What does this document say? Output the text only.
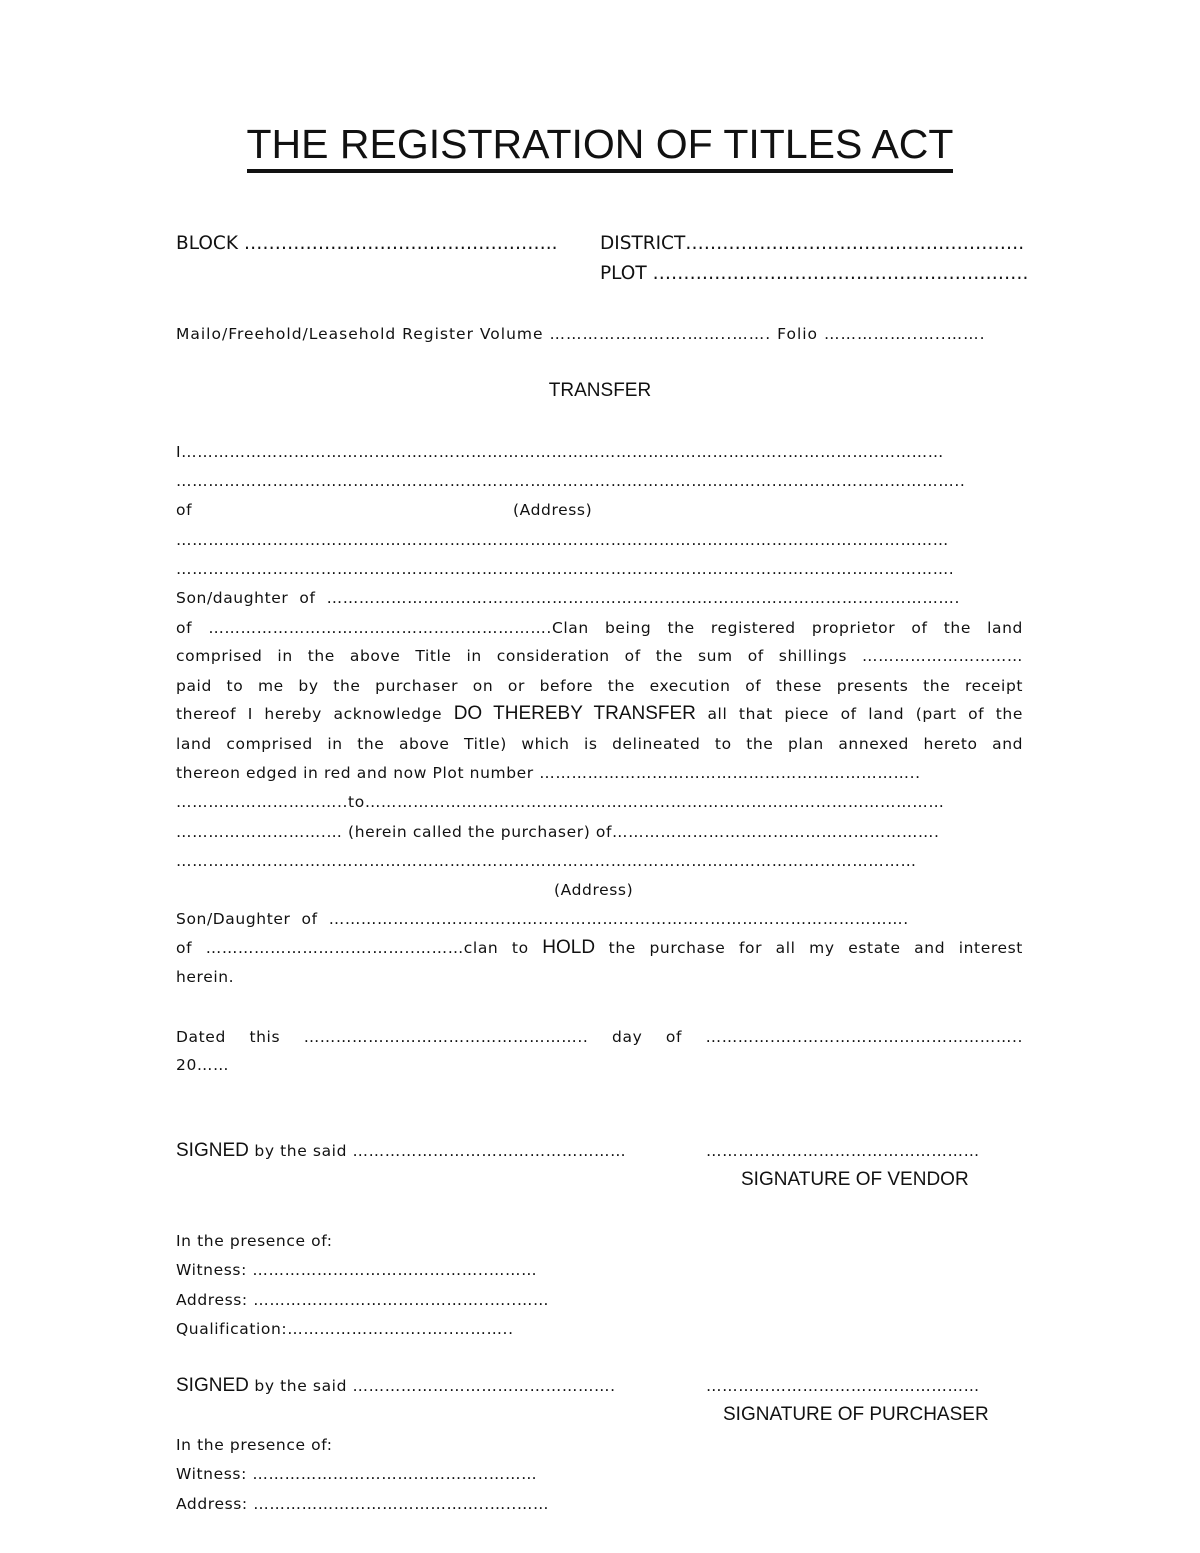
THE REGISTRATION OF TITLES ACT
BLOCK …………………………………….…….. DISTRICT……………………………………………….
PLOT …………………………………………………….
Mailo/Freehold/Leasehold Register Volume …………………….……..……. Folio ……………..…..…….
TRANSFER
I…………………………………………………………………………………………………..……………..…………
………………………………………………………………………………………………….……………………………..
of	(Address)
………………………………………………………………………………………………………………………………
……………………………………………………………………………………………………………………………….
Son/daughter  of  ……………………………………………………………………………………………………….
of ……………………………………………………….Clan being the registered proprietor of the land
comprised in the above Title in consideration of the sum of shillings …………………………
paid to me by the purchaser on or before the execution of these presents the receipt
thereof I hereby acknowledge DO THEREBY TRANSFER all that piece of land (part of the
land comprised in the above Title) which is delineated to the plan annexed hereto and
thereon edged in red and now Plot number ……………………………………………………………..
…………………………..to………………………………………………………………………………………………
……………………….… (herein called the purchaser) of…………………………………………………….
…………………………………………………………………………………………………………………………
(Address)
Son/Daughter  of  ……………………………………………………………..……………………………….
of ………………………….……..………clan to HOLD the purchase for all my estate and interest
herein.
Dated this …………………………………………….. day of ………….…..…………………………………..
20……
SIGNED by the said ……………………………………………	……………………………………………
SIGNATURE OF VENDOR
In the presence of:
Witness: ……………………………………..………
Address: ……………………………………..…..……
Qualification:……………………..…..………..
SIGNED by the said ………………………………………….	……………………………………………
SIGNATURE OF PURCHASER
In the presence of:
Witness: ……………………………………..………
Address: ……………………………………..…..……
